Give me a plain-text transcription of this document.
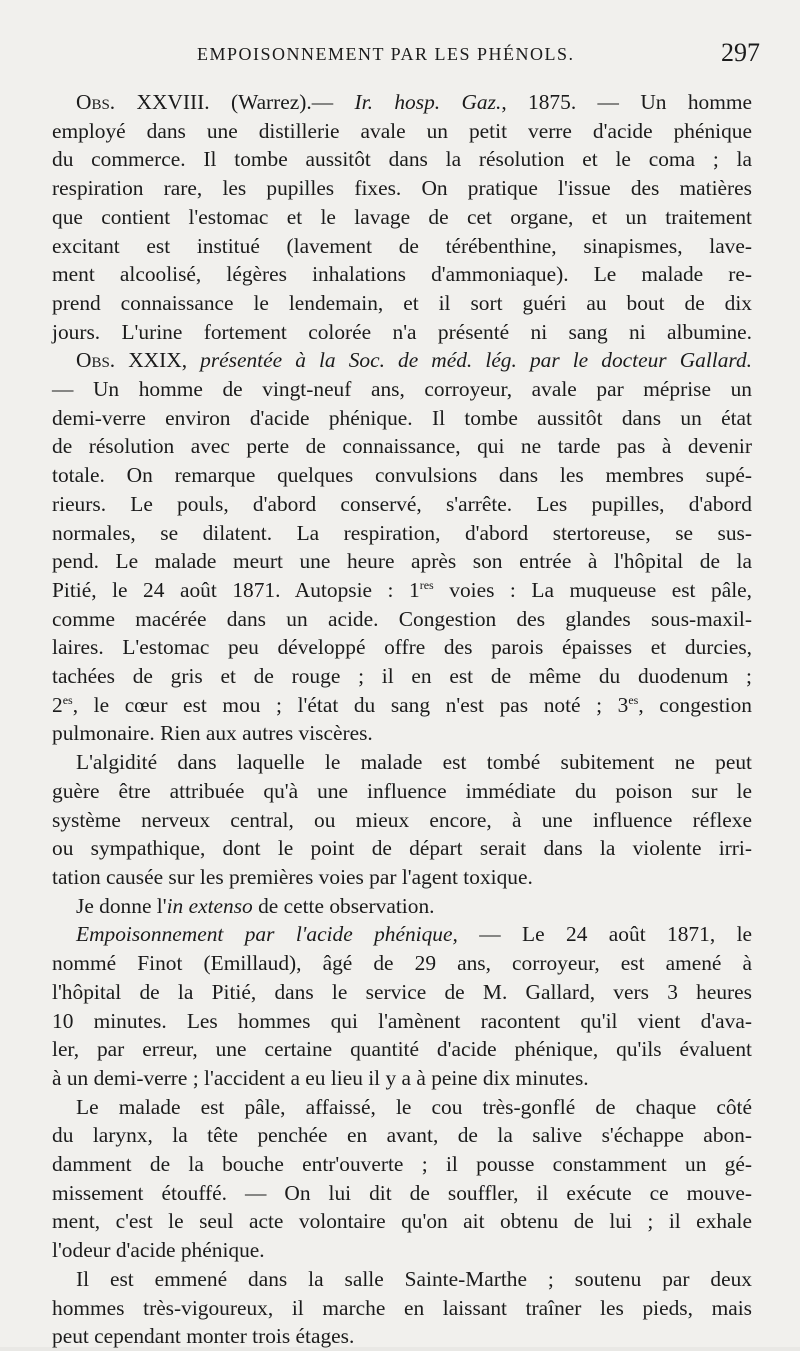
EMPOISONNEMENT PAR LES PHÉNOLS.	297
Obs. XXVIII. (Warrez).— Ir. hosp. Gaz., 1875. — Un homme
employé dans une distillerie avale un petit verre d'acide phénique
du commerce. Il tombe aussitôt dans la résolution et le coma ; la
respiration rare, les pupilles fixes. On pratique l'issue des matières
que contient l'estomac et le lavage de cet organe, et un traitement
excitant est institué (lavement de térébenthine, sinapismes, lave-
ment alcoolisé, légères inhalations d'ammoniaque). Le malade re-
prend connaissance le lendemain, et il sort guéri au bout de dix
jours. L'urine fortement colorée n'a présenté ni sang ni albumine.
Obs. XXIX, présentée à la Soc. de méd. lég. par le docteur Gallard.
— Un homme de vingt-neuf ans, corroyeur, avale par méprise un
demi-verre environ d'acide phénique. Il tombe aussitôt dans un état
de résolution avec perte de connaissance, qui ne tarde pas à devenir
totale. On remarque quelques convulsions dans les membres supé-
rieurs. Le pouls, d'abord conservé, s'arrête. Les pupilles, d'abord
normales, se dilatent. La respiration, d'abord stertoreuse, se sus-
pend. Le malade meurt une heure après son entrée à l'hôpital de la
Pitié, le 24 août 1871. Autopsie : 1res voies : La muqueuse est pâle,
comme macérée dans un acide. Congestion des glandes sous-maxil-
laires. L'estomac peu développé offre des parois épaisses et durcies,
tachées de gris et de rouge ; il en est de même du duodenum ;
$2^{es}$, le cœur est mou ; l'état du sang n'est pas noté ; $3^{es}$, congestion
pulmonaire. Rien aux autres viscères.
L'algidité dans laquelle le malade est tombé subitement ne peut
guère être attribuée qu'à une influence immédiate du poison sur le
système nerveux central, ou mieux encore, à une influence réflexe
ou sympathique, dont le point de départ serait dans la violente irri-
tation causée sur les premières voies par l'agent toxique.
Je donne l'in extenso de cette observation.
Empoisonnement par l'acide phénique, — Le 24 août 1871, le
nommé Finot (Emillaud), âgé de 29 ans, corroyeur, est amené à
l'hôpital de la Pitié, dans le service de M. Gallard, vers 3 heures
10 minutes. Les hommes qui l'amènent racontent qu'il vient d'ava-
ler, par erreur, une certaine quantité d'acide phénique, qu'ils évaluent
à un demi-verre ; l'accident a eu lieu il y a à peine dix minutes.
Le malade est pâle, affaissé, le cou très-gonflé de chaque côté
du larynx, la tête penchée en avant, de la salive s'échappe abon-
damment de la bouche entr'ouverte ; il pousse constamment un gé-
missement étouffé. — On lui dit de souffler, il exécute ce mouve-
ment, c'est le seul acte volontaire qu'on ait obtenu de lui ; il exhale
l'odeur d'acide phénique.
Il est emmené dans la salle Sainte-Marthe ; soutenu par deux
hommes très-vigoureux, il marche en laissant traîner les pieds, mais
peut cependant monter trois étages.
